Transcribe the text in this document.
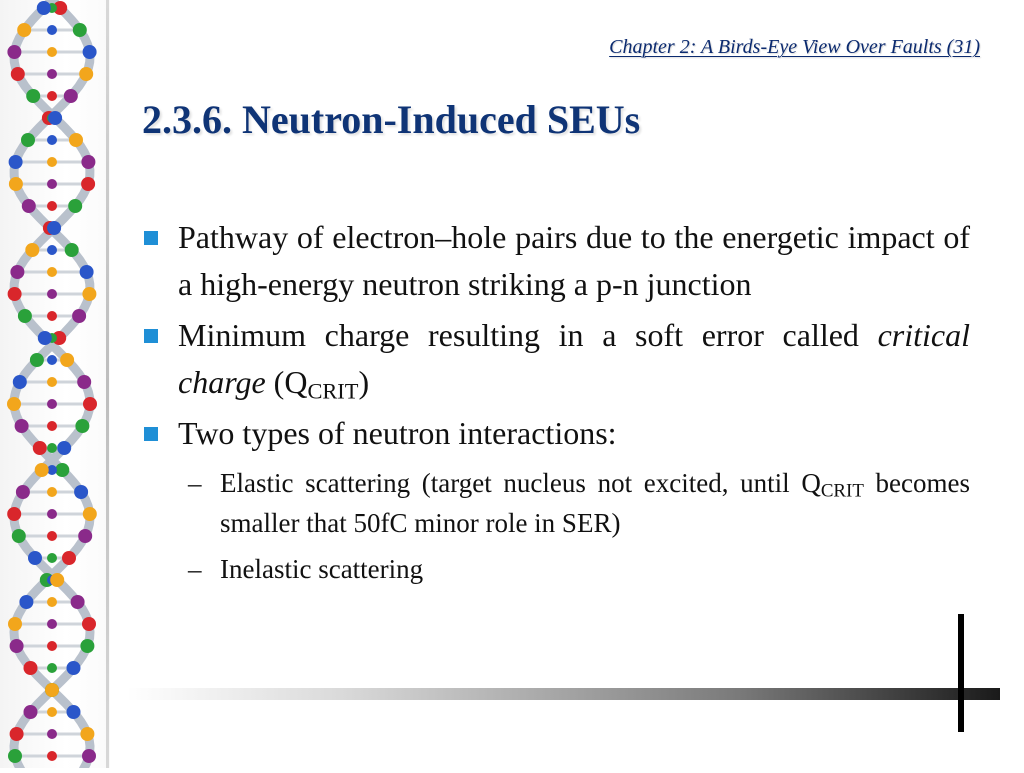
Chapter 2: A Birds-Eye View Over Faults (31)
2.3.6. Neutron-Induced SEUs
Pathway of electron–hole pairs due to the energetic impact of a high-energy neutron striking a p-n junction
Minimum charge resulting in a soft error called critical charge $(Q_{CRIT})$
Two types of neutron interactions:
– Elastic scattering (target nucleus not excited, until $Q_{CRIT}$ becomes smaller that 50fC minor role in SER)
– Inelastic scattering
